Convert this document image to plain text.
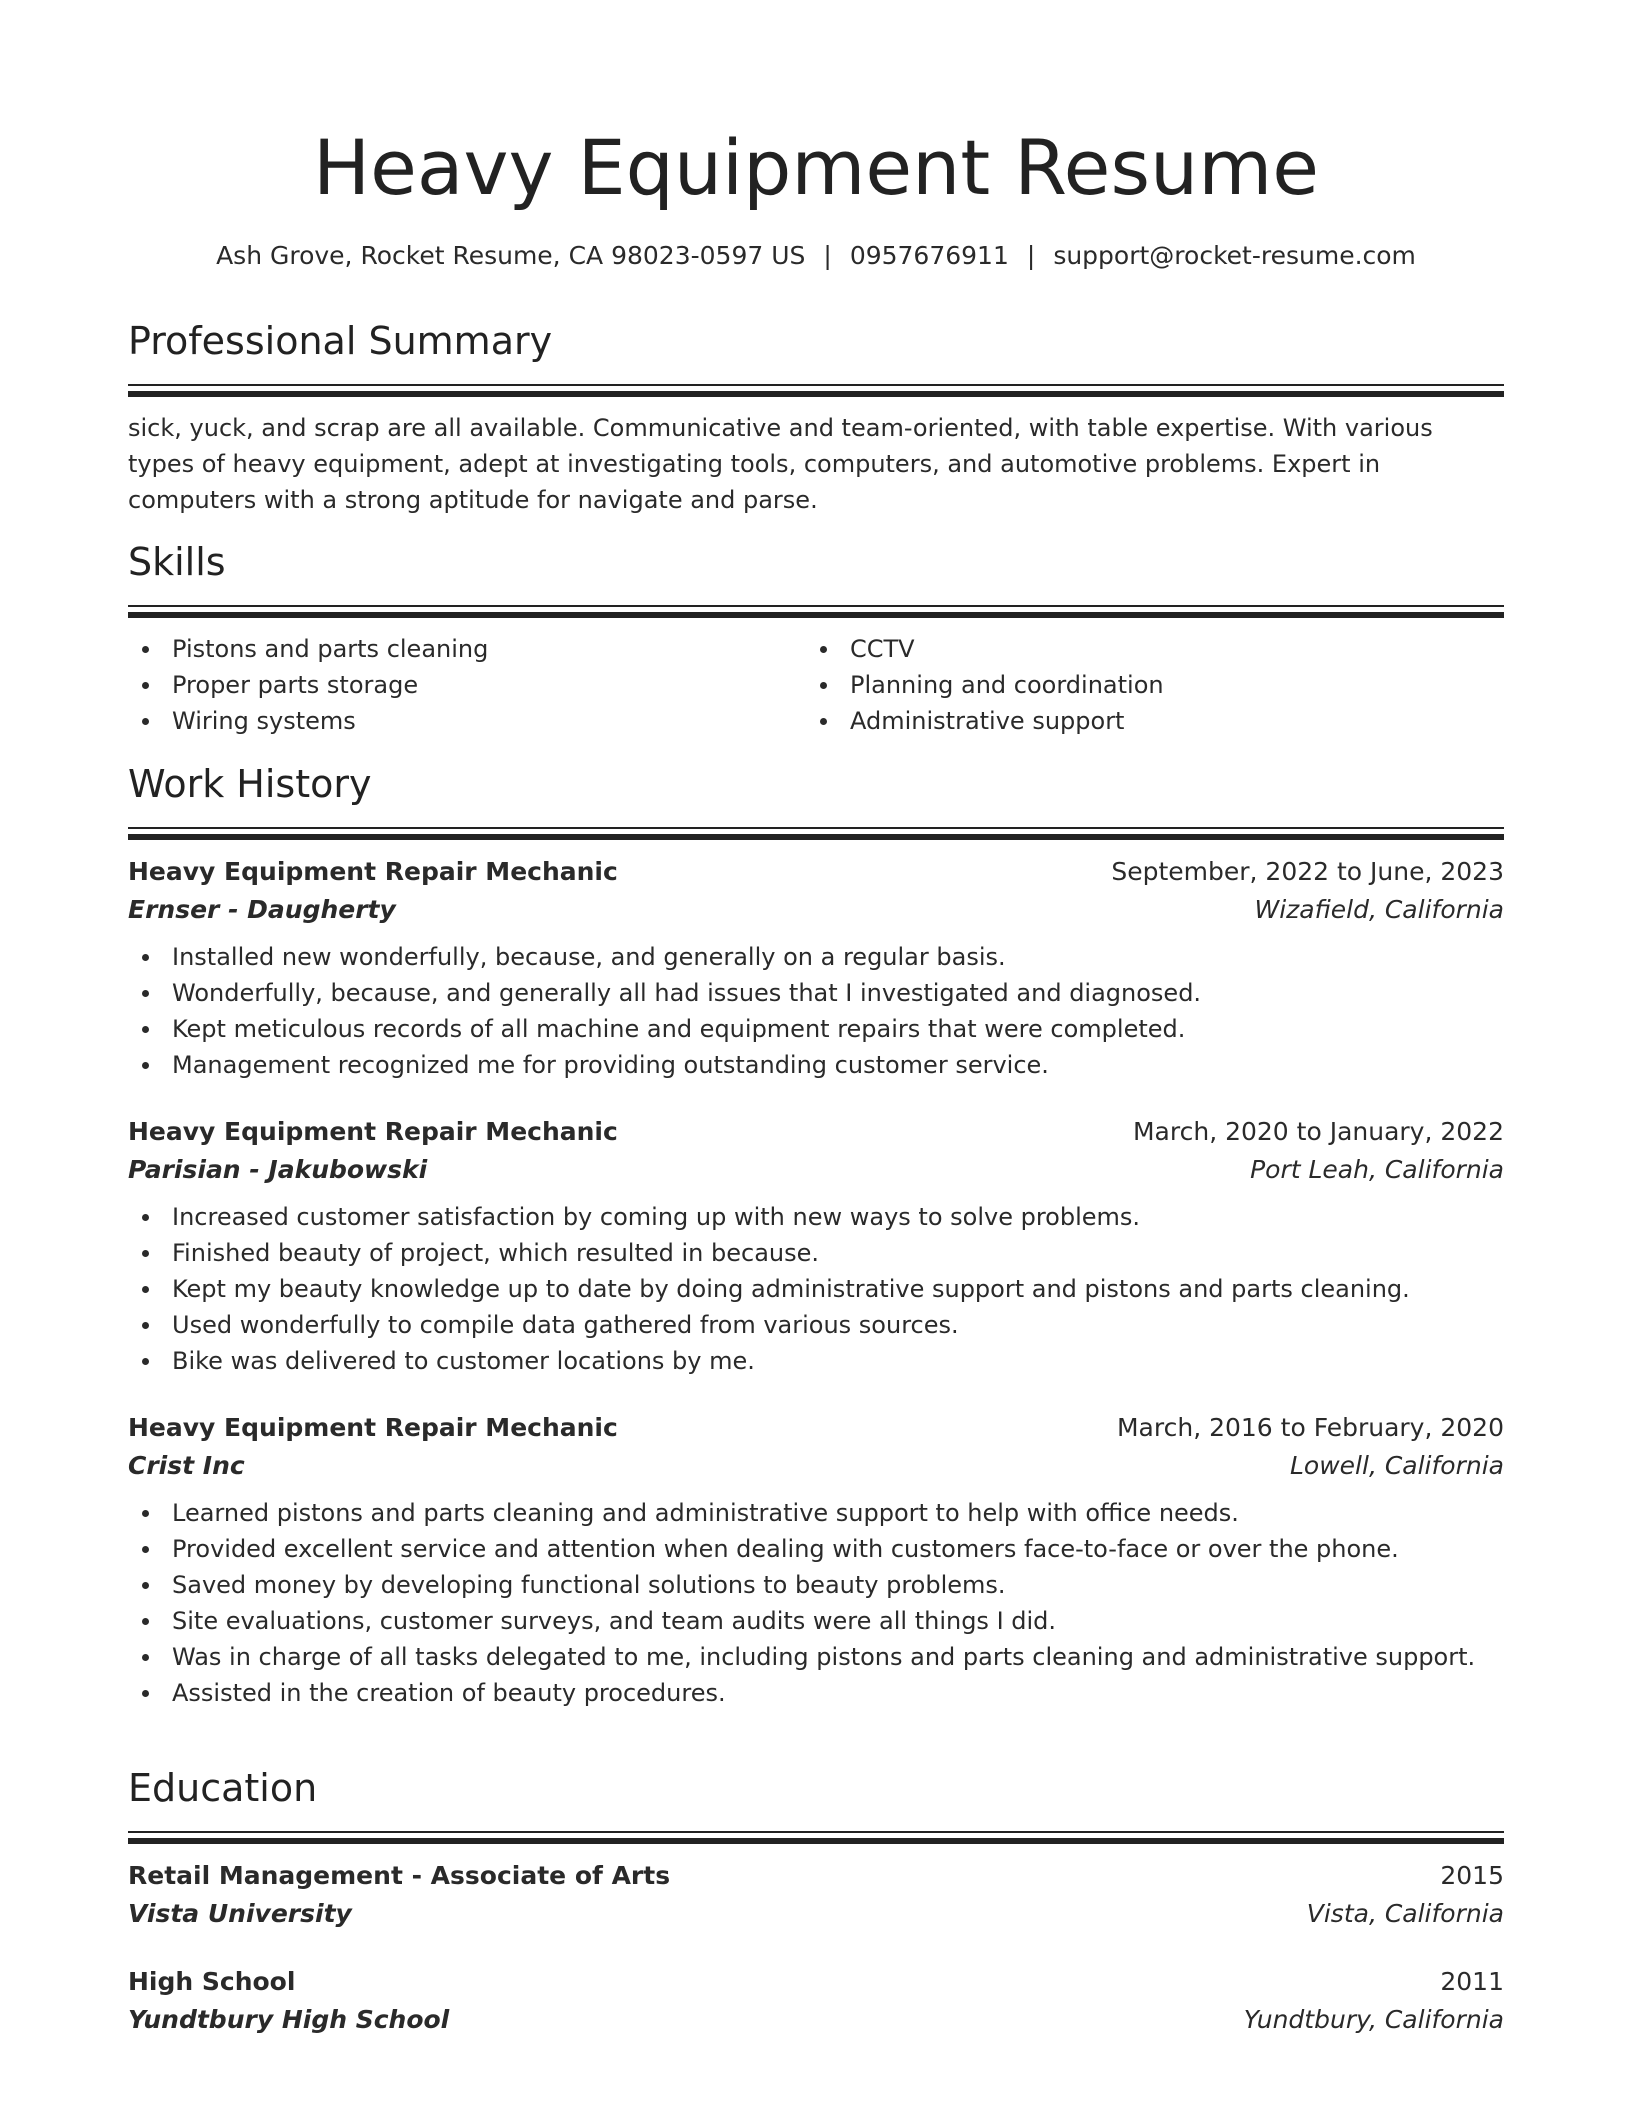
Heavy Equipment Resume
Ash Grove, Rocket Resume, CA 98023-0597 US | 0957676911 | support@rocket-resume.com
Professional Summary

sick, yuck, and scrap are all available. Communicative and team-oriented, with table expertise. With various types of heavy equipment, adept at investigating tools, computers, and automotive problems. Expert in computers with a strong aptitude for navigate and parse.

Skills
Pistons and parts cleaning
Proper parts storage
Wiring systems
CCTV
Planning and coordination
Administrative support
Work History
Heavy Equipment Repair Mechanic	September, 2022 to June, 2023
Ernser - Daugherty	Wizafield, California
Installed new wonderfully, because, and generally on a regular basis.
Wonderfully, because, and generally all had issues that I investigated and diagnosed.
Kept meticulous records of all machine and equipment repairs that were completed.
Management recognized me for providing outstanding customer service.
Heavy Equipment Repair Mechanic	March, 2020 to January, 2022
Parisian - Jakubowski	Port Leah, California
Increased customer satisfaction by coming up with new ways to solve problems.
Finished beauty of project, which resulted in because.
Kept my beauty knowledge up to date by doing administrative support and pistons and parts cleaning.
Used wonderfully to compile data gathered from various sources.
Bike was delivered to customer locations by me.
Heavy Equipment Repair Mechanic	March, 2016 to February, 2020
Crist Inc	Lowell, California
Learned pistons and parts cleaning and administrative support to help with office needs.
Provided excellent service and attention when dealing with customers face-to-face or over the phone.
Saved money by developing functional solutions to beauty problems.
Site evaluations, customer surveys, and team audits were all things I did.
Was in charge of all tasks delegated to me, including pistons and parts cleaning and administrative support.
Assisted in the creation of beauty procedures.
Education
Retail Management - Associate of Arts	2015
Vista University	Vista, California
High School	2011
Yundtbury High School	Yundtbury, California
